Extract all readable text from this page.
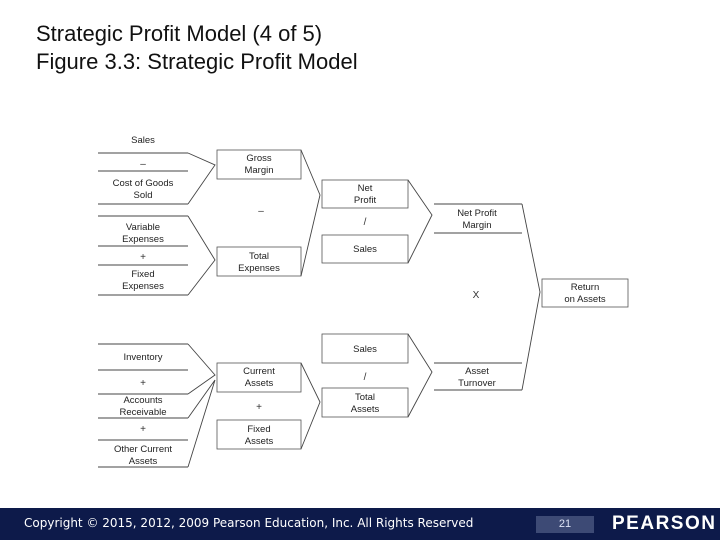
Strategic Profit Model (4 of 5)
Figure 3.3: Strategic Profit Model
Sales
–
Cost of Goods
Sold
Variable
Expenses
+
Fixed
Expenses
Inventory
+
Accounts
Receivable
+
Other Current
Assets
Gross
Margin
–
Total
Expenses
Current
Assets
+
Fixed
Assets
Net
Profit
/
Sales
Sales
/
Total
Assets
Net Profit
Margin
X
Asset
Turnover
Return
on Assets
Copyright © 2015, 2012, 2009 Pearson Education, Inc. All Rights Reserved	21	PEARSON
